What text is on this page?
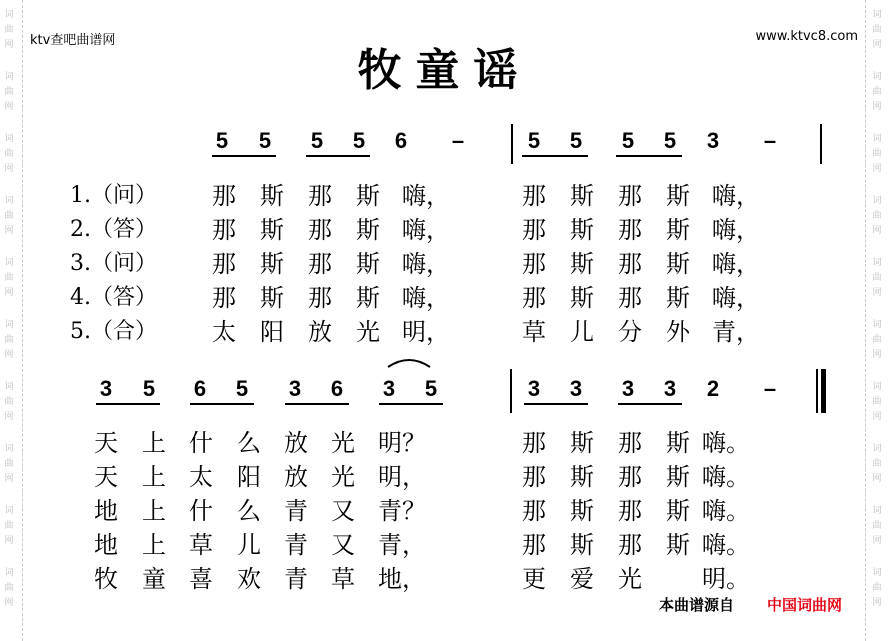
词
曲
网
词
曲
网
词
曲
网
词
曲
网
词
曲
网
词
曲
网
词
曲
网
词
曲
网
词
曲
网
词
曲
网
词
曲
网
词
曲
网
词
曲
网
词
曲
网
词
曲
网
词
曲
网
词
曲
网
词
曲
网
词
曲
网
词
曲
网
ktv查吧曲谱网	www.ktvc8.com
牧童谣
5 5 5 5 6 –	5 5 5 5 3 –
1.（问） 那 斯 那 斯 嗨 ，	那 斯 那 斯 嗨 ，
2.（答） 那 斯 那 斯 嗨 ，	那 斯 那 斯 嗨 ，
3.（问） 那 斯 那 斯 嗨 ，	那 斯 那 斯 嗨 ，
4.（答） 那 斯 那 斯 嗨 ，	那 斯 那 斯 嗨 ，
5.（合） 太 阳 放 光 明 ，	草 儿 分 外 青 ，
3 5 6 5 3 6 3 5	3 3 3 3 2 –
天 上 什 么 放 光 明 ？	那 斯 那 斯 嗨 。
天 上 太 阳 放 光 明 ，	那 斯 那 斯 嗨 。
地 上 什 么 青 又 青 ？	那 斯 那 斯 嗨 。
地 上 草 儿 青 又 青 ，	那 斯 那 斯 嗨 。
牧 童 喜 欢 青 草 地 ，	更 爱 光	明 。
本曲谱源自 中国词曲网
